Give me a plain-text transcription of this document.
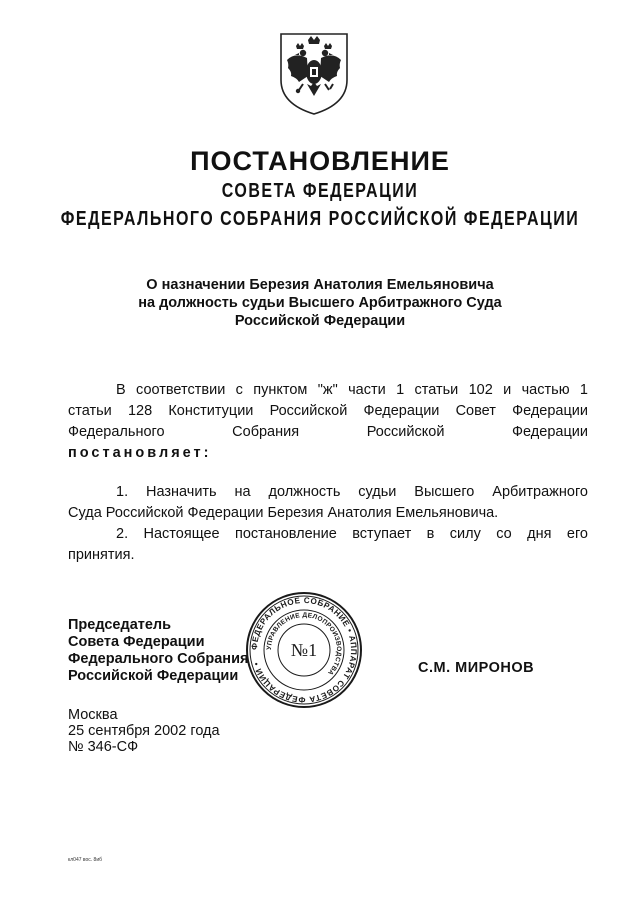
ПОСТАНОВЛЕНИЕ
СОВЕТА ФЕДЕРАЦИИ
ФЕДЕРАЛЬНОГО СОБРАНИЯ РОССИЙСКОЙ ФЕДЕРАЦИИ
О назначении Березия Анатолия Емельяновича
на должность судьи Высшего Арбитражного Суда
Российской Федерации
В соответствии с пунктом "ж" части 1 статьи 102 и частью 1
статьи 128 Конституции Российской Федерации Совет Федерации
Федерального	Собрания	Российской	Федерации
постановляет:
1. Назначить на должность судьи Высшего Арбитражного
Суда Российской Федерации Березия Анатолия Емельяновича.
2. Настоящее постановление вступает в силу со дня его
принятия.
Председатель
Совета Федерации
Федерального Собрания
Российской Федерации
ФЕДЕРАЛЬНОЕ СОБРАНИЕ • АППАРАТ СОВЕТА ФЕДЕРАЦИИ •
УПРАВЛЕНИЕ ДЕЛОПРОИЗВОДСТВА
№1
С.М. МИРОНОВ
Москва
25 сентября 2002 года
№ 346-СФ
кл047 вос. 8иб
